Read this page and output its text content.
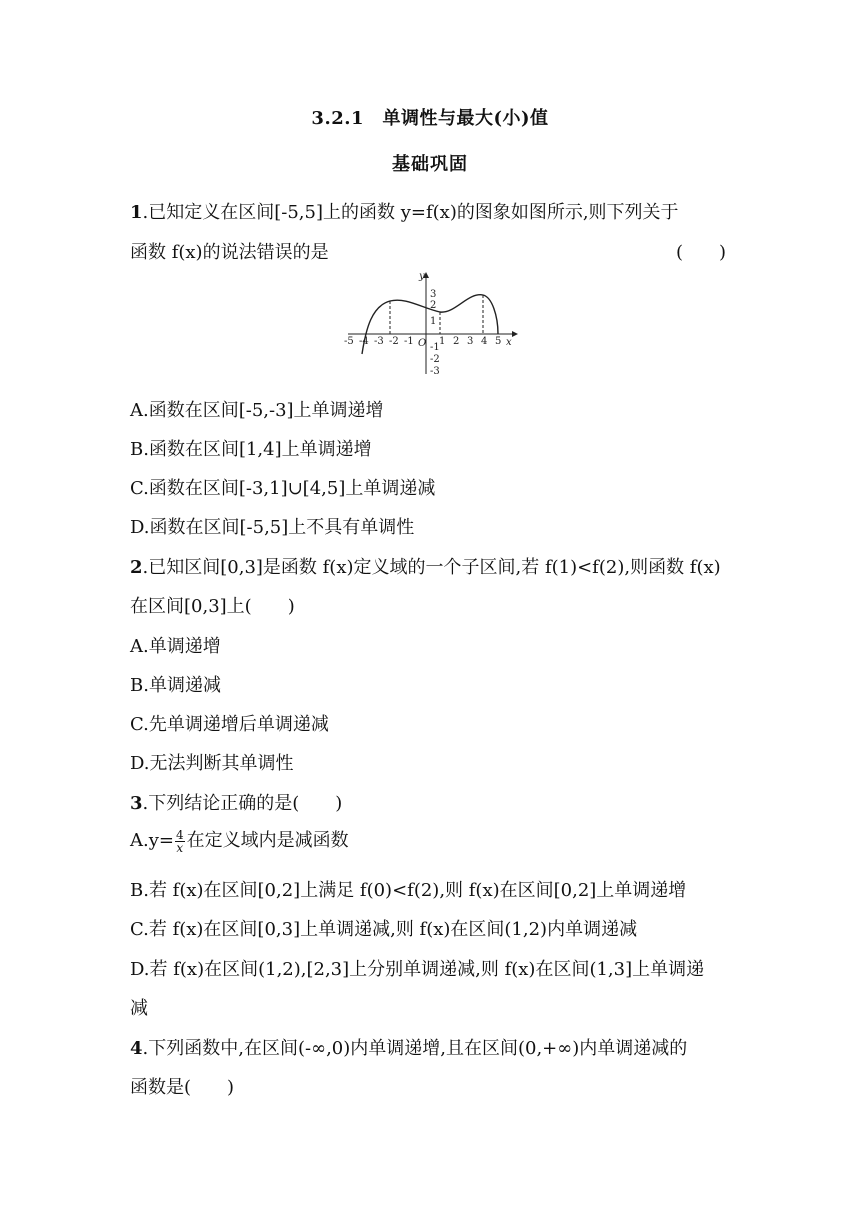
3.2.1　单调性与最大(小)值
基础巩固
1.已知定义在区间[-5,5]上的函数 y=f(x)的图象如图所示,则下列关于
函数 f(x)的说法错误的是	(　　)
y
x
O
-5 -4 -3 -2 -1	1 2 3 4 5
3
2
1
-1
-2
-3
A.函数在区间[-5,-3]上单调递增
B.函数在区间[1,4]上单调递增
C.函数在区间[-3,1]∪[4,5]上单调递减
D.函数在区间[-5,5]上不具有单调性
2.已知区间[0,3]是函数 f(x)定义域的一个子区间,若 f(1)<f(2),则函数 f(x)
在区间[0,3]上(　　)
A.单调递增
B.单调递减
C.先单调递增后单调递减
D.无法判断其单调性
3.下列结论正确的是(　　)
$A.y= \frac{4}{x}$ 在定义域内是减函数
B.若 f(x)在区间[0,2]上满足 f(0)<f(2),则 f(x)在区间[0,2]上单调递增
C.若 f(x)在区间[0,3]上单调递减,则 f(x)在区间(1,2)内单调递减
D.若 f(x)在区间(1,2),[2,3]上分别单调递减,则 f(x)在区间(1,3]上单调递
减
4.下列函数中,在区间(-∞,0)内单调递增,且在区间(0,+∞)内单调递减的
函数是(　　)
